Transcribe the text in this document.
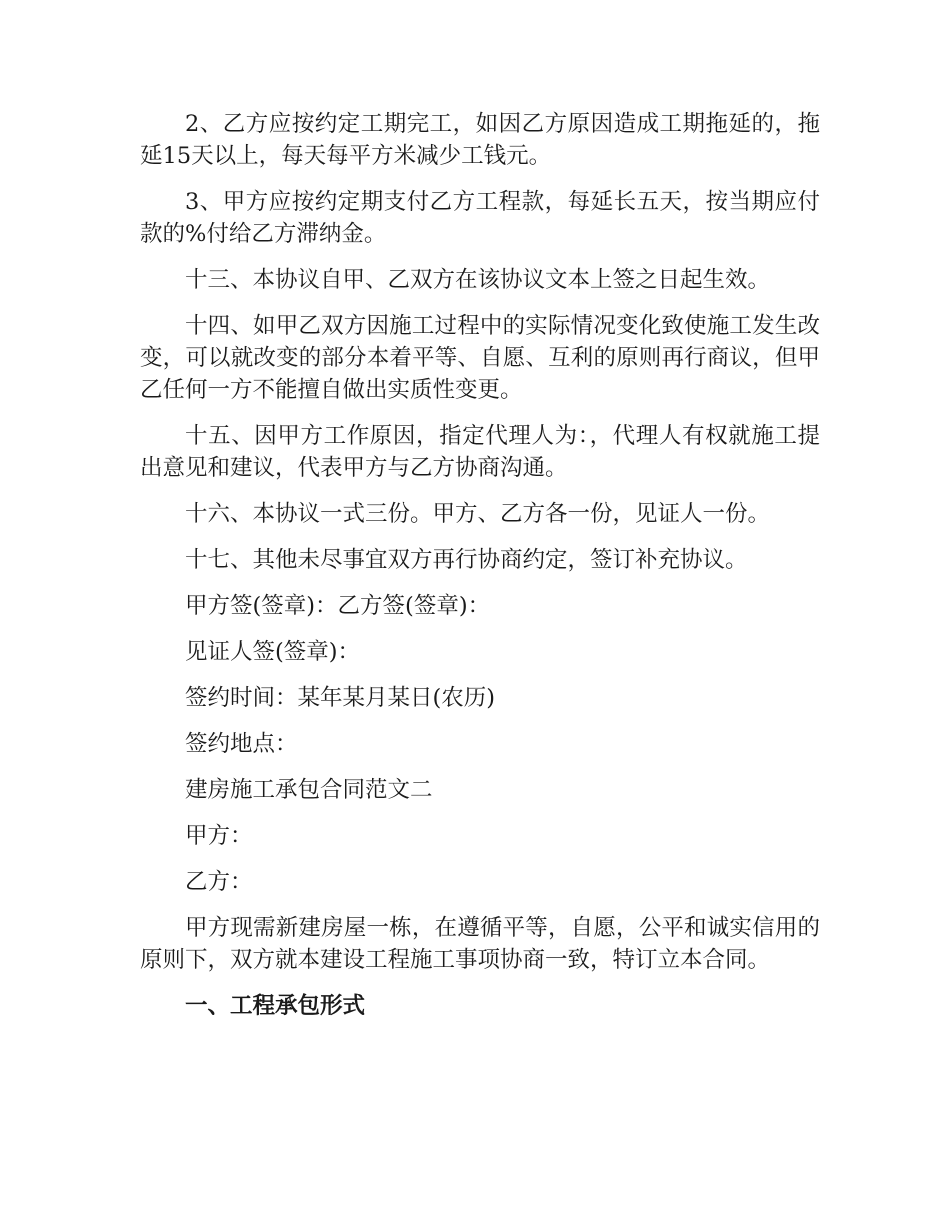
2、乙方应按约定工期完工，如因乙方原因造成工期拖延的，拖延15天以上，每天每平方米减少工钱元。

3、甲方应按约定期支付乙方工程款，每延长五天，按当期应付款的%付给乙方滞纳金。

十三、本协议自甲、乙双方在该协议文本上签之日起生效。

十四、如甲乙双方因施工过程中的实际情况变化致使施工发生改变，可以就改变的部分本着平等、自愿、互利的原则再行商议，但甲乙任何一方不能擅自做出实质性变更。

十五、因甲方工作原因，指定代理人为：，代理人有权就施工提出意见和建议，代表甲方与乙方协商沟通。

十六、本协议一式三份。甲方、乙方各一份，见证人一份。

十七、其他未尽事宜双方再行协商约定，签订补充协议。

甲方签(签章)：乙方签(签章)：

见证人签(签章)：

签约时间：某年某月某日(农历)

签约地点：

建房施工承包合同范文二

甲方：

乙方：

甲方现需新建房屋一栋，在遵循平等，自愿，公平和诚实信用的原则下，双方就本建设工程施工事项协商一致，特订立本合同。

一、工程承包形式
